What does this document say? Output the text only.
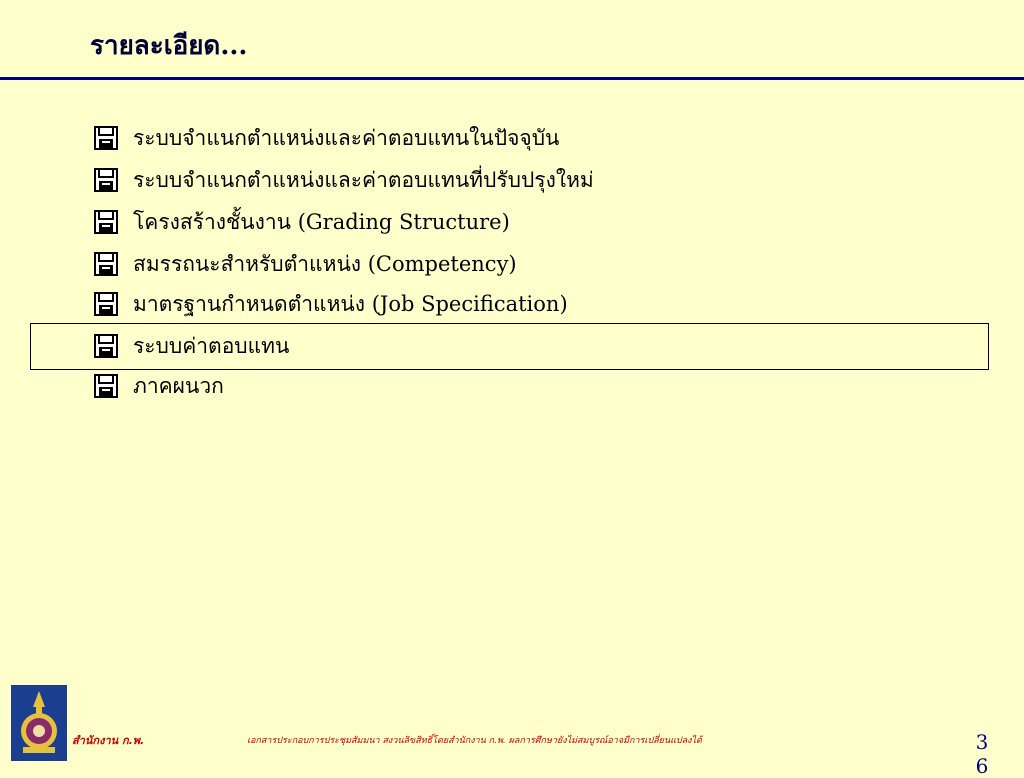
รายละเอียด...
ระบบจำแนกตำแหน่งและค่าตอบแทนในปัจจุบัน
ระบบจำแนกตำแหน่งและค่าตอบแทนที่ปรับปรุงใหม่
โครงสร้างชั้นงาน (Grading Structure)
สมรรถนะสำหรับตำแหน่ง (Competency)
มาตรฐานกำหนดตำแหน่ง (Job Specification)
ระบบค่าตอบแทน
ภาคผนวก
สำนักงาน ก.พ.	เอกสารประกอบการประชุมสัมมนา สงวนลิขสิทธิ์โดยสำนักงาน ก.พ. ผลการศึกษายังไม่สมบูรณ์อาจมีการเปลี่ยนแปลงได้	36
